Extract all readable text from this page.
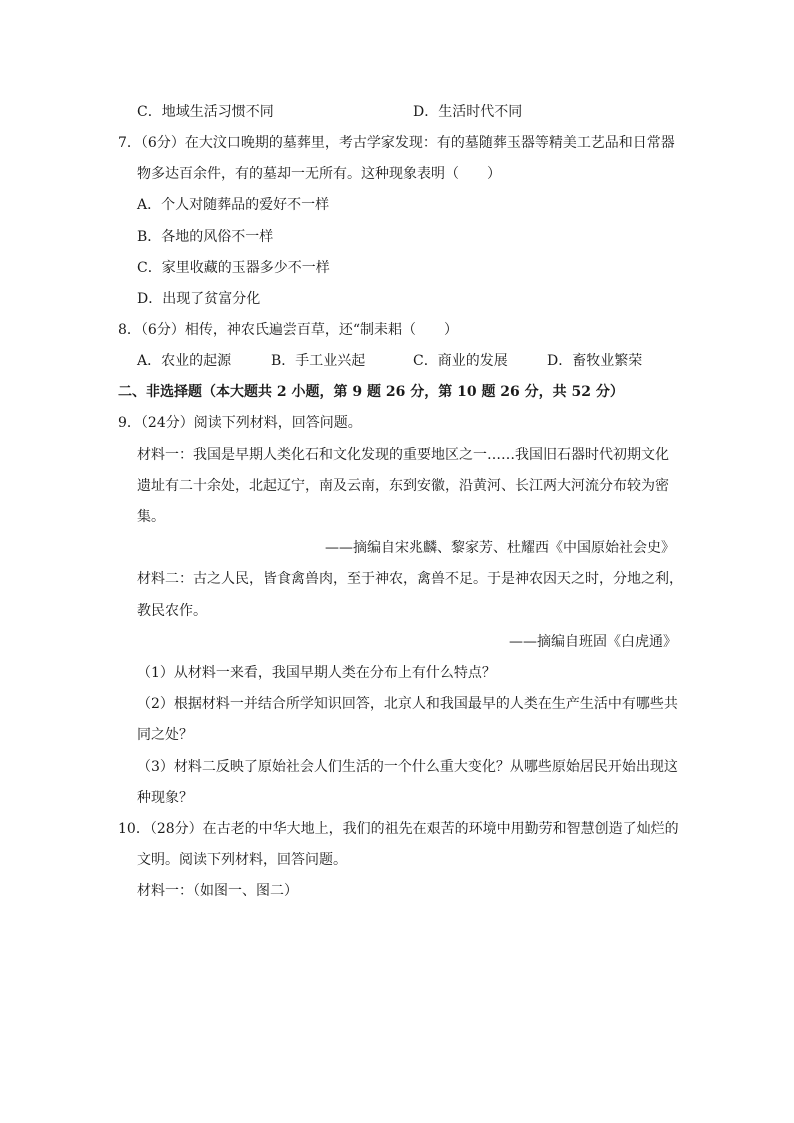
C．地域生活习惯不同	D．生活时代不同
7．（6分）在大汶口晚期的墓葬里，考古学家发现：有的墓随葬玉器等精美工艺品和日常器
物多达百余件，有的墓却一无所有。这种现象表明（　　）
A．个人对随葬品的爱好不一样
B．各地的风俗不一样
C．家里收藏的玉器多少不一样
D．出现了贫富分化
8．（6分）相传，神农氏遍尝百草，还“制耒耜（　　）
A．农业的起源	B．手工业兴起	C．商业的发展	D．畜牧业繁荣
二、非选择题（本大题共 2 小题，第 9 题 26 分，第 10 题 26 分，共 52 分）
9．（24分）阅读下列材料，回答问题。
材料一：我国是早期人类化石和文化发现的重要地区之一……我国旧石器时代初期文化
遗址有二十余处，北起辽宁，南及云南，东到安徽，沿黄河、长江两大河流分布较为密
集。
——摘编自宋兆麟、黎家芳、杜耀西《中国原始社会史》
材料二：古之人民，皆食禽兽肉，至于神农，禽兽不足。于是神农因天之时，分地之利，
教民农作。
——摘编自班固《白虎通》
（1）从材料一来看，我国早期人类在分布上有什么特点？
（2）根据材料一并结合所学知识回答，北京人和我国最早的人类在生产生活中有哪些共
同之处？
（3）材料二反映了原始社会人们生活的一个什么重大变化？从哪些原始居民开始出现这
种现象？
10．（28分）在古老的中华大地上，我们的祖先在艰苦的环境中用勤劳和智慧创造了灿烂的
文明。阅读下列材料，回答问题。
材料一：（如图一、图二）
